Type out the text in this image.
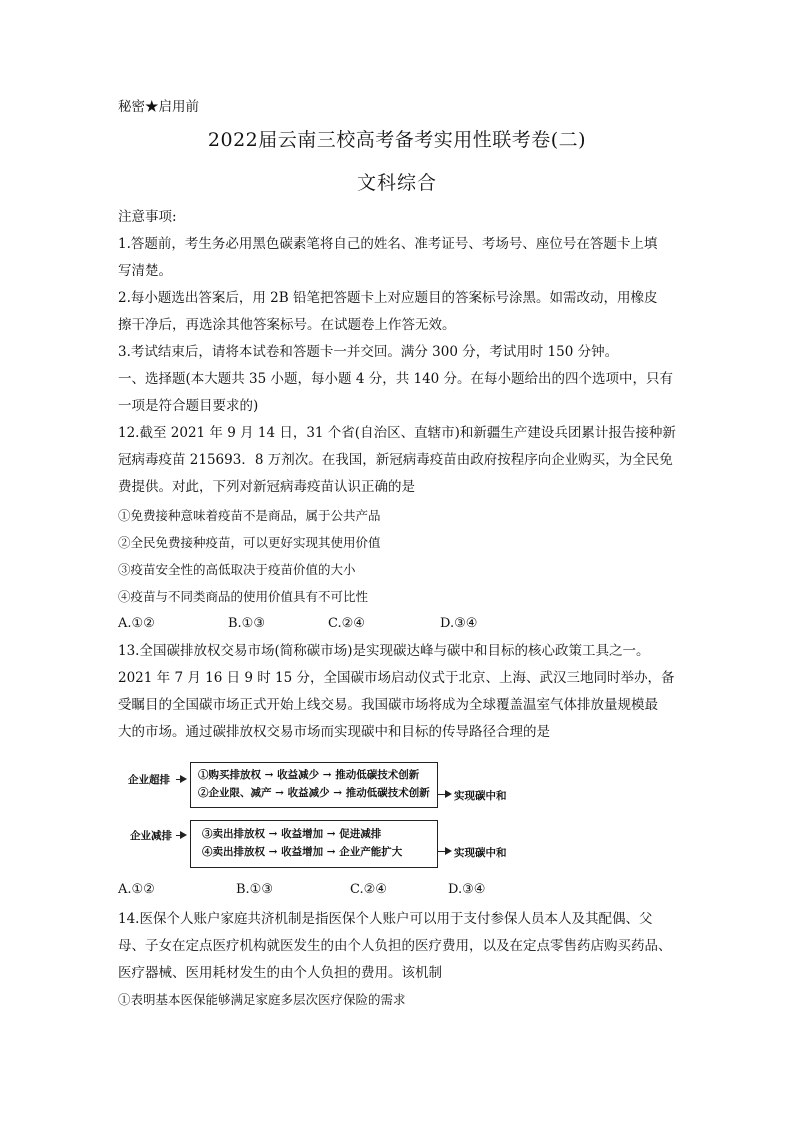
秘密★启用前
2022届云南三校高考备考实用性联考卷(二)
文科综合
注意事项:
1.答题前，考生务必用黑色碳素笔将自己的姓名、准考证号、考场号、座位号在答题卡上填
写清楚。
2.每小题选出答案后，用 2B 铅笔把答题卡上对应题目的答案标号涂黑。如需改动，用橡皮
擦干净后，再选涂其他答案标号。在试题卷上作答无效。
3.考试结束后，请将本试卷和答题卡一并交回。满分 300 分，考试用时 150 分钟。
一、选择题(本大题共 35 小题，每小题 4 分，共 140 分。在每小题给出的四个选项中，只有
一项是符合题目要求的)
12.截至 2021 年 9 月 14 日，31 个省(自治区、直辖市)和新疆生产建设兵团累计报告接种新
冠病毒疫苗 215693．8 万剂次。在我国，新冠病毒疫苗由政府按程序向企业购买，为全民免
费提供。对此，下列对新冠病毒疫苗认识正确的是
①免费接种意味着疫苗不是商品，属于公共产品
②全民免费接种疫苗，可以更好实现其使用价值
③疫苗安全性的高低取决于疫苗价值的大小
④疫苗与不同类商品的使用价值具有不可比性
A.①②	B.①③	C.②④	D.③④
13.全国碳排放权交易市场(简称碳市场)是实现碳达峰与碳中和目标的核心政策工具之一。
2021 年 7 月 16 日 9 时 15 分，全国碳市场启动仪式于北京、上海、武汉三地同时举办，备
受瞩目的全国碳市场正式开始上线交易。我国碳市场将成为全球覆盖温室气体排放量规模最
大的市场。通过碳排放权交易市场而实现碳中和目标的传导路径合理的是
企业超排	①购买排放权 → 收益减少 → 推动低碳技术创新
②企业限、减产 → 收益减少 → 推动低碳技术创新 实现碳中和
企业减排	③卖出排放权 → 收益增加 → 促进减排
④卖出排放权 → 收益增加 → 企业产能扩大	实现碳中和
A.①②	B.①③	C.②④	D.③④
14.医保个人账户家庭共济机制是指医保个人账户可以用于支付参保人员本人及其配偶、父
母、子女在定点医疗机构就医发生的由个人负担的医疗费用，以及在定点零售药店购买药品、
医疗器械、医用耗材发生的由个人负担的费用。该机制
①表明基本医保能够满足家庭多层次医疗保险的需求
